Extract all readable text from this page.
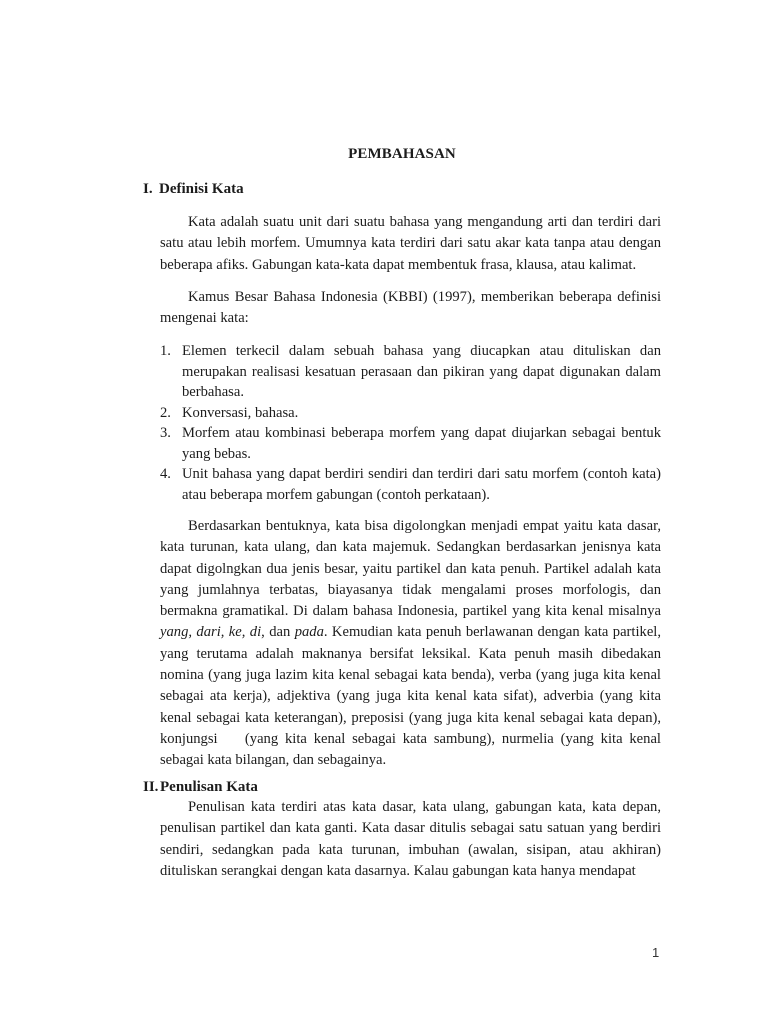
PEMBAHASAN
I. Definisi Kata

Kata adalah suatu unit dari suatu bahasa yang mengandung arti dan terdiri dari satu atau lebih morfem. Umumnya kata terdiri dari satu akar kata tanpa atau dengan beberapa afiks. Gabungan kata-kata dapat membentuk frasa, klausa, atau kalimat.

Kamus Besar Bahasa Indonesia (KBBI) (1997), memberikan beberapa definisi mengenai kata:

1. Elemen terkecil dalam sebuah bahasa yang diucapkan atau dituliskan dan merupakan realisasi kesatuan perasaan dan pikiran yang dapat digunakan dalam berbahasa.
2. Konversasi, bahasa.
3. Morfem atau kombinasi beberapa morfem yang dapat diujarkan sebagai bentuk yang bebas.
4. Unit bahasa yang dapat berdiri sendiri dan terdiri dari satu morfem (contoh kata) atau beberapa morfem gabungan (contoh perkataan).

Berdasarkan bentuknya, kata bisa digolongkan menjadi empat yaitu kata dasar, kata turunan, kata ulang, dan kata majemuk. Sedangkan berdasarkan jenisnya kata dapat digolngkan dua jenis besar, yaitu partikel dan kata penuh. Partikel adalah kata yang jumlahnya terbatas, biayasanya tidak mengalami proses morfologis, dan bermakna gramatikal. Di dalam bahasa Indonesia, partikel yang kita kenal misalnya yang, dari, ke, di, dan pada. Kemudian kata penuh berlawanan dengan kata partikel, yang terutama adalah maknanya bersifat leksikal. Kata penuh masih dibedakan nomina (yang juga lazim kita kenal sebagai kata benda), verba (yang juga kita kenal sebagai ata kerja), adjektiva (yang juga kita kenal kata sifat), adverbia (yang kita kenal sebagai kata keterangan), preposisi (yang juga kita kenal sebagai kata depan), konjungsi    (yang kita kenal sebagai kata sambung), nurmelia (yang kita kenal sebagai kata bilangan, dan sebagainya.

II. Penulisan Kata

Penulisan kata terdiri atas kata dasar, kata ulang, gabungan kata, kata depan, penulisan partikel dan kata ganti. Kata dasar ditulis sebagai satu satuan yang berdiri sendiri, sedangkan pada kata turunan, imbuhan (awalan, sisipan, atau akhiran) dituliskan serangkai dengan kata dasarnya. Kalau gabungan kata hanya mendapat

1
